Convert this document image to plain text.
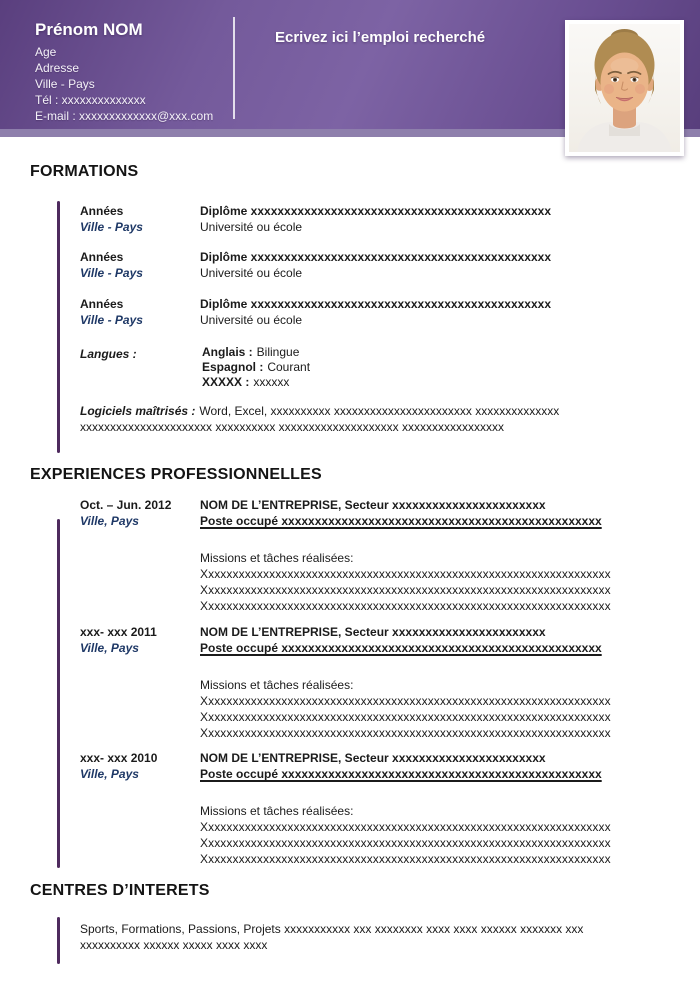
Prénom NOM
Age
Adresse
Ville - Pays
Tél : xxxxxxxxxxxxxx
E-mail : xxxxxxxxxxxxx@xxx.com
Ecrivez ici l’emploi recherché
FORMATIONS
Années
Ville - Pays
Diplôme xxxxxxxxxxxxxxxxxxxxxxxxxxxxxxxxxxxxxxxxxxxxx
Université ou école
Années
Ville - Pays
Diplôme xxxxxxxxxxxxxxxxxxxxxxxxxxxxxxxxxxxxxxxxxxxxx
Université ou école
Années
Ville - Pays
Diplôme xxxxxxxxxxxxxxxxxxxxxxxxxxxxxxxxxxxxxxxxxxxxx
Université ou école
Langues :	Anglais : Bilingue
Espagnol : Courant
XXXXX : xxxxxx
Logiciels maîtrisés : Word, Excel, xxxxxxxxxx xxxxxxxxxxxxxxxxxxxxxxx xxxxxxxxxxxxxx xxxxxxxxxxxxxxxxxxxxxx xxxxxxxxxx xxxxxxxxxxxxxxxxxxxx xxxxxxxxxxxxxxxxx
EXPERIENCES PROFESSIONNELLES
Oct. – Jun. 2012
Ville, Pays
NOM DE L’ENTREPRISE, Secteur xxxxxxxxxxxxxxxxxxxxxxx
Poste occupé xxxxxxxxxxxxxxxxxxxxxxxxxxxxxxxxxxxxxxxxxxxxxxxx
Missions et tâches réalisées:
Xxxxxxxxxxxxxxxxxxxxxxxxxxxxxxxxxxxxxxxxxxxxxxxxxxxxxxxxxxxxxxxxxxx
Xxxxxxxxxxxxxxxxxxxxxxxxxxxxxxxxxxxxxxxxxxxxxxxxxxxxxxxxxxxxxxxxxxx
Xxxxxxxxxxxxxxxxxxxxxxxxxxxxxxxxxxxxxxxxxxxxxxxxxxxxxxxxxxxxxxxxxxx
xxx- xxx 2011
Ville, Pays
NOM DE L’ENTREPRISE, Secteur xxxxxxxxxxxxxxxxxxxxxxx
Poste occupé xxxxxxxxxxxxxxxxxxxxxxxxxxxxxxxxxxxxxxxxxxxxxxxx
Missions et tâches réalisées:
Xxxxxxxxxxxxxxxxxxxxxxxxxxxxxxxxxxxxxxxxxxxxxxxxxxxxxxxxxxxxxxxxxxx
Xxxxxxxxxxxxxxxxxxxxxxxxxxxxxxxxxxxxxxxxxxxxxxxxxxxxxxxxxxxxxxxxxxx
Xxxxxxxxxxxxxxxxxxxxxxxxxxxxxxxxxxxxxxxxxxxxxxxxxxxxxxxxxxxxxxxxxxx
xxx- xxx 2010
Ville, Pays
NOM DE L’ENTREPRISE, Secteur xxxxxxxxxxxxxxxxxxxxxxx
Poste occupé xxxxxxxxxxxxxxxxxxxxxxxxxxxxxxxxxxxxxxxxxxxxxxxx
Missions et tâches réalisées:
Xxxxxxxxxxxxxxxxxxxxxxxxxxxxxxxxxxxxxxxxxxxxxxxxxxxxxxxxxxxxxxxxxxx
Xxxxxxxxxxxxxxxxxxxxxxxxxxxxxxxxxxxxxxxxxxxxxxxxxxxxxxxxxxxxxxxxxxx
Xxxxxxxxxxxxxxxxxxxxxxxxxxxxxxxxxxxxxxxxxxxxxxxxxxxxxxxxxxxxxxxxxxx
CENTRES D’INTERETS
Sports, Formations, Passions, Projets xxxxxxxxxxx xxx xxxxxxxx xxxx xxxx xxxxxx xxxxxxx xxx xxxxxxxxxx xxxxxx xxxxx xxxx xxxx
